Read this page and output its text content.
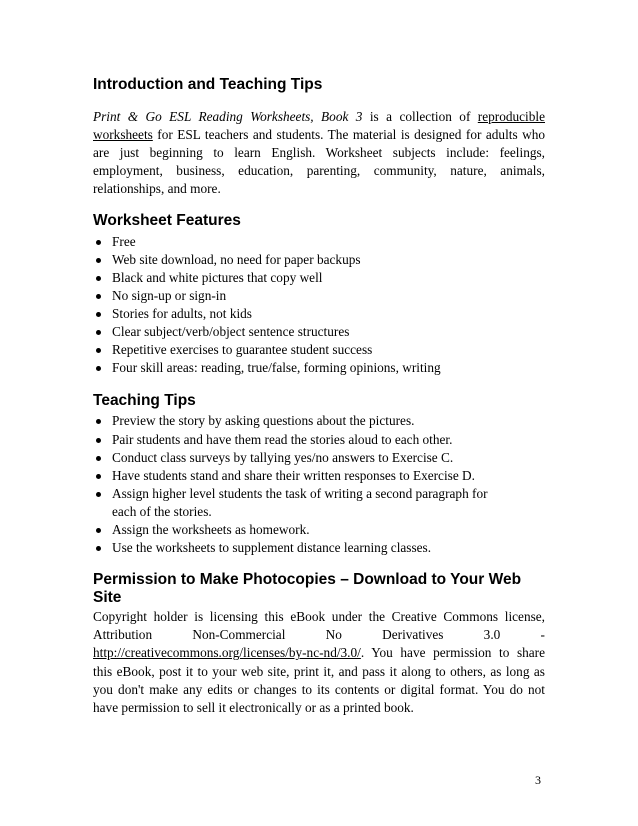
Introduction and Teaching Tips

Print & Go ESL Reading Worksheets, Book 3 is a collection of reproducible worksheets for ESL teachers and students. The material is designed for adults who are just beginning to learn English. Worksheet subjects include: feelings, employment, business, education, parenting, community, nature, animals, relationships, and more.

Worksheet Features
Free
Web site download, no need for paper backups
Black and white pictures that copy well
No sign-up or sign-in
Stories for adults, not kids
Clear subject/verb/object sentence structures
Repetitive exercises to guarantee student success
Four skill areas: reading, true/false, forming opinions, writing
Teaching Tips
Preview the story by asking questions about the pictures.
Pair students and have them read the stories aloud to each other.
Conduct class surveys by tallying yes/no answers to Exercise C.
Have students stand and share their written responses to Exercise D.
Assign higher level students the task of writing a second paragraph for each of the stories.
Assign the worksheets as homework.
Use the worksheets to supplement distance learning classes.
Permission to Make Photocopies – Download to Your Web Site

Copyright holder is licensing this eBook under the Creative Commons license, Attribution Non-Commercial No Derivatives 3.0 - http://creativecommons.org/licenses/by-nc-nd/3.0/. You have permission to share this eBook, post it to your web site, print it, and pass it along to others, as long as you don't make any edits or changes to its contents or digital format. You do not have permission to sell it electronically or as a printed book.

3
